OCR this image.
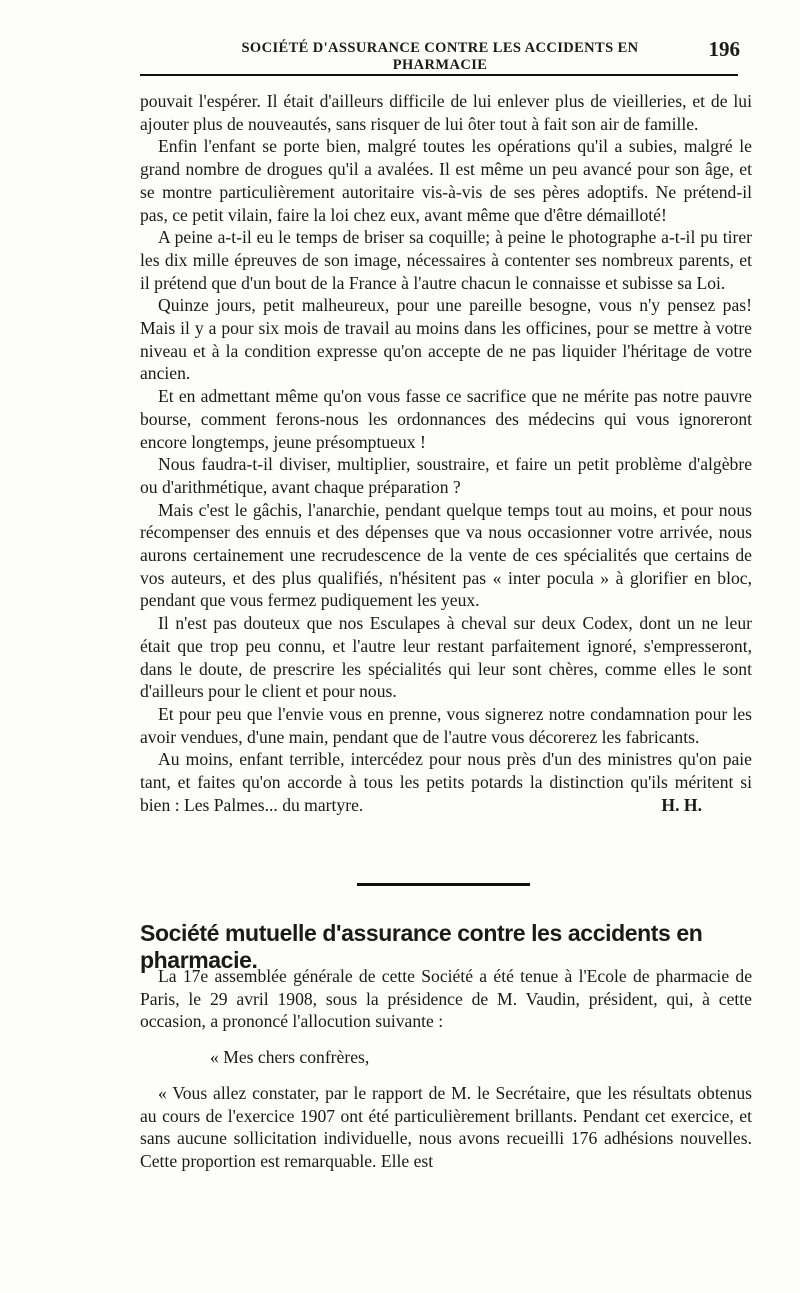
SOCIÉTÉ D'ASSURANCE CONTRE LES ACCIDENTS EN PHARMACIE
196

pouvait l'espérer. Il était d'ailleurs difficile de lui enlever plus de vieilleries, et de lui ajouter plus de nouveautés, sans risquer de lui ôter tout à fait son air de famille.

Enfin l'enfant se porte bien, malgré toutes les opérations qu'il a subies, malgré le grand nombre de drogues qu'il a avalées. Il est même un peu avancé pour son âge, et se montre particulièrement autoritaire vis-à-vis de ses pères adoptifs. Ne prétend-il pas, ce petit vilain, faire la loi chez eux, avant même que d'être démailloté!

A peine a-t-il eu le temps de briser sa coquille; à peine le photographe a-t-il pu tirer les dix mille épreuves de son image, nécessaires à contenter ses nombreux parents, et il prétend que d'un bout de la France à l'autre chacun le connaisse et subisse sa Loi.

Quinze jours, petit malheureux, pour une pareille besogne, vous n'y pensez pas! Mais il y a pour six mois de travail au moins dans les officines, pour se mettre à votre niveau et à la condition expresse qu'on accepte de ne pas liquider l'héritage de votre ancien.

Et en admettant même qu'on vous fasse ce sacrifice que ne mérite pas notre pauvre bourse, comment ferons-nous les ordonnances des médecins qui vous ignoreront encore longtemps, jeune présomptueux !

Nous faudra-t-il diviser, multiplier, soustraire, et faire un petit problème d'algèbre ou d'arithmétique, avant chaque préparation ?

Mais c'est le gâchis, l'anarchie, pendant quelque temps tout au moins, et pour nous récompenser des ennuis et des dépenses que va nous occasionner votre arrivée, nous aurons certainement une recrudescence de la vente de ces spécialités que certains de vos auteurs, et des plus qualifiés, n'hésitent pas « inter pocula » à glorifier en bloc, pendant que vous fermez pudiquement les yeux.

Il n'est pas douteux que nos Esculapes à cheval sur deux Codex, dont un ne leur était que trop peu connu, et l'autre leur restant parfaitement ignoré, s'empresseront, dans le doute, de prescrire les spécialités qui leur sont chères, comme elles le sont d'ailleurs pour le client et pour nous.

Et pour peu que l'envie vous en prenne, vous signerez notre condamnation pour les avoir vendues, d'une main, pendant que de l'autre vous décorerez les fabricants.

Au moins, enfant terrible, intercédez pour nous près d'un des ministres qu'on paie tant, et faites qu'on accorde à tous les petits potards la distinction qu'ils méritent si bien : Les Palmes... du martyre.	H. H.

Société mutuelle d'assurance contre les accidents en pharmacie.

La 17e assemblée générale de cette Société a été tenue à l'Ecole de pharmacie de Paris, le 29 avril 1908, sous la présidence de M. Vaudin, président, qui, à cette occasion, a prononcé l'allocution suivante :

« Mes chers confrères,

« Vous allez constater, par le rapport de M. le Secrétaire, que les résultats obtenus au cours de l'exercice 1907 ont été particulièrement brillants. Pendant cet exercice, et sans aucune sollicitation individuelle, nous avons recueilli 176 adhésions nouvelles. Cette proportion est remarquable. Elle est
